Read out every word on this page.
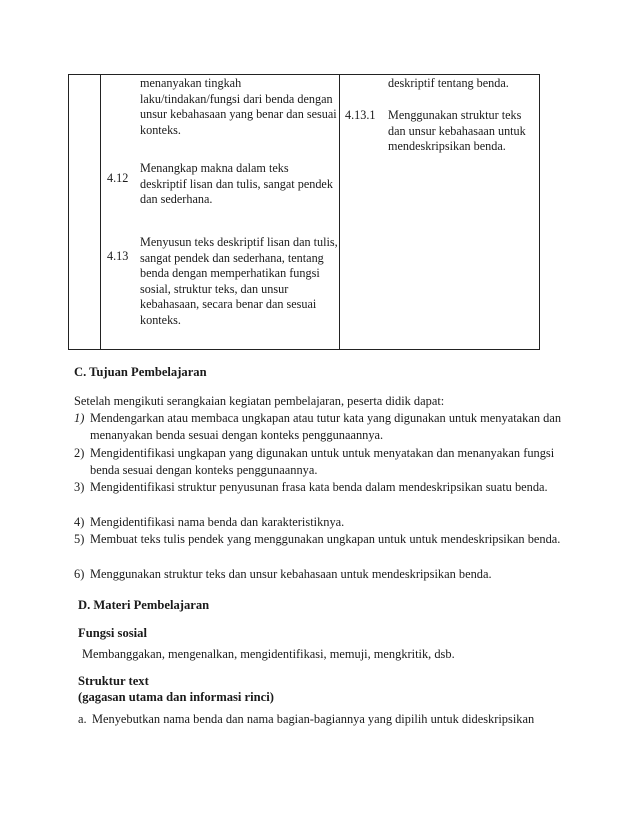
menanyakan tingkah laku/tindakan/fungsi dari benda dengan unsur kebahasaan yang benar dan sesuai konteks.
4.12
Menangkap makna dalam teks deskriptif lisan dan tulis, sangat pendek dan sederhana.
4.13
Menyusun teks deskriptif lisan dan tulis, sangat pendek dan sederhana, tentang benda dengan memperhatikan fungsi sosial, struktur teks, dan unsur kebahasaan, secara benar dan sesuai konteks.
deskriptif tentang benda.
4.13.1 Menggunakan struktur teks dan unsur kebahasaan untuk mendeskripsikan benda.
C. Tujuan Pembelajaran
Setelah mengikuti serangkaian kegiatan pembelajaran, peserta didik dapat:
1) Mendengarkan atau membaca ungkapan atau tutur kata yang digunakan untuk menyatakan dan menanyakan benda sesuai dengan konteks penggunaannya.
2) Mengidentifikasi ungkapan yang digunakan untuk untuk menyatakan dan menanyakan fungsi benda sesuai dengan konteks penggunaannya.
3) Mengidentifikasi struktur penyusunan frasa kata benda dalam mendeskripsikan suatu benda.
4) Mengidentifikasi nama benda dan karakteristiknya.
5) Membuat teks tulis pendek yang menggunakan ungkapan untuk untuk mendeskripsikan benda.
6) Menggunakan struktur teks dan unsur kebahasaan untuk mendeskripsikan benda.
D. Materi Pembelajaran
Fungsi sosial
Membanggakan, mengenalkan, mengidentifikasi, memuji, mengkritik, dsb.
Struktur text
(gagasan utama dan informasi rinci)
a. Menyebutkan nama benda dan nama bagian-bagiannya yang dipilih untuk dideskripsikan
